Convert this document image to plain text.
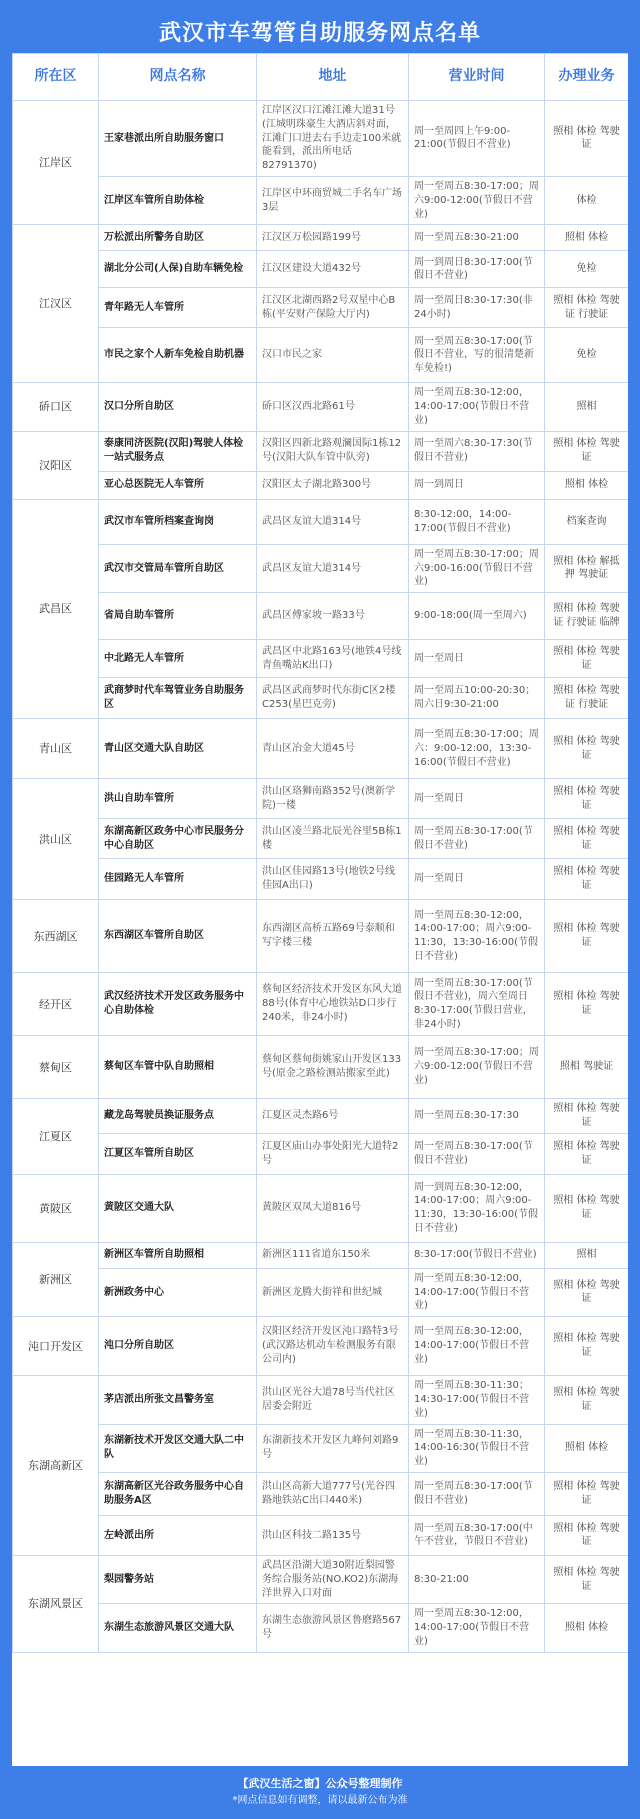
武汉市车驾管自助服务网点名单
所在区	网点名称	地址	营业时间	办理业务
江岸区	王家巷派出所自助服务窗口	江岸区汉口江滩江滩大道31号(江城明珠豪生大酒店斜对面，江滩门口进去右手边走100米就能看到，派出所电话82791370)	周一至周四上午9:00-21:00(节假日不营业)	照相 体检 驾驶证
	江岸区车管所自助体检	江岸区中环商贸城二手名车广场3层	周一至周五8:30-17:00；周六9:00-12:00(节假日不营业)	体检
江汉区	万松派出所警务自助区	江汉区万松园路199号	周一至周五8:30-21:00	照相 体检
	湖北分公司(人保)自助车辆免检	江汉区建设大道432号	周一到周日8:30-17:00(节假日不营业)	免检
	青年路无人车管所	江汉区北湖西路2号双星中心B栋(平安财产保险大厅内)	周一至周日8:30-17:30(非24小时)	照相 体检 驾驶证 行驶证
	市民之家个人新车免检自助机器	汉口市民之家	周一至周五8:30-17:00(节假日不营业，写的很清楚新车免检!)	免检
硚口区	汉口分所自助区	硚口区汉西北路61号	周一至周五8:30-12:00，14:00-17:00(节假日不营业)	照相
汉阳区	泰康同济医院(汉阳)驾驶人体检一站式服务点	汉阳区四新北路观澜国际1栋12号(汉阳大队车管中队旁)	周一至周六8:30-17:30(节假日不营业)	照相 体检 驾驶证
	亚心总医院无人车管所	汉阳区太子湖北路300号	周一到周日	照相 体检
武昌区	武汉市车管所档案查询岗	武昌区友谊大道314号	8:30-12:00，14:00-17:00(节假日不营业)	档案查询
	武汉市交管局车管所自助区	武昌区友谊大道314号	周一至周五8:30-17:00；周六9:00-16:00(节假日不营业)	照相 体检 解抵押 驾驶证
	省局自助车管所	武昌区傅家坡一路33号	9:00-18:00(周一至周六)	照相 体检 驾驶证 行驶证 临牌
	中北路无人车管所	武昌区中北路163号(地铁4号线青鱼嘴站K出口)	周一至周日	照相 体检 驾驶证
	武商梦时代车驾管业务自助服务区	武昌区武商梦时代东街C区2楼C253(星巴克旁)	周一至周五10:00-20:30；周六日9:30-21:00	照相 体检 驾驶证 行驶证
青山区	青山区交通大队自助区	青山区冶金大道45号	周一至周五8:30-17:00；周六：9:00-12:00，13:30-16:00(节假日不营业)	照相 体检 驾驶证
洪山区	洪山自助车管所	洪山区珞狮南路352号(澳新学院)一楼	周一至周日	照相 体检 驾驶证
	东湖高新区政务中心市民服务分中心自助区	洪山区凌兰路北辰光谷里5B栋1楼	周一至周五8:30-17:00(节假日不营业)	照相 体检 驾驶证
	佳园路无人车管所	洪山区佳园路13号(地铁2号线佳园A出口)	周一至周日	照相 体检 驾驶证
东西湖区	东西湖区车管所自助区	东西湖区高桥五路69号泰顺和写字楼三楼	周一至周五8:30-12:00，14:00-17:00；周六9:00-11:30，13:30-16:00(节假日不营业)	照相 体检 驾驶证
经开区	武汉经济技术开发区政务服务中心自助体检	蔡甸区经济技术开发区东风大道88号(体育中心地铁站D口步行240米，非24小时)	周一至周五8:30-17:00(节假日不营业)，周六至周日8:30-17:00(节假日营业，非24小时)	照相 体检 驾驶证
蔡甸区	蔡甸区车管中队自助照相	蔡甸区蔡甸街姚家山开发区133号(原金之路检测站搬家至此)	周一至周五8:30-17:00；周六9:00-12:00(节假日不营业)	照相 驾驶证
江夏区	藏龙岛驾驶员换证服务点	江夏区灵杰路6号	周一至周五8:30-17:30	照相 体检 驾驶证
	江夏区车管所自助区	江夏区庙山办事处阳光大道特2号	周一至周五8:30-17:00(节假日不营业)	照相 体检 驾驶证
黄陂区	黄陂区交通大队	黄陂区双凤大道816号	周一到周五8:30-12:00，14:00-17:00；周六9:00-11:30，13:30-16:00(节假日不营业)	照相 体检 驾驶证
新洲区	新洲区车管所自助照相	新洲区111省道东150米	8:30-17:00(节假日不营业)	照相
	新洲政务中心	新洲区龙腾大街祥和世纪城	周一至周五8:30-12:00，14:00-17:00(节假日不营业)	照相 体检 驾驶证
沌口开发区	沌口分所自助区	汉阳区经济开发区沌口路特3号(武汉路达机动车检测服务有限公司内)	周一至周五8:30-12:00，14:00-17:00(节假日不营业)	照相 体检 驾驶证
东湖高新区	茅店派出所张文昌警务室	洪山区光谷大道78号当代社区居委会附近	周一至周五8:30-11:30；14:30-17:00(节假日不营业)	照相 体检 驾驶证
	东湖新技术开发区交通大队二中队	东湖新技术开发区九峰何刘路9号	周一至周五8:30-11:30，14:00-16:30(节假日不营业)	照相 体检
	东湖高新区光谷政务服务中心自助服务A区	洪山区高新大道777号(光谷四路地铁站C出口440米)	周一至周五8:30-17:00(节假日不营业)	照相 体检 驾驶证
	左岭派出所	洪山区科技二路135号	周一至周五8:30-17:00(中午不营业，节假日不营业)	照相 体检 驾驶证
东湖风景区	梨园警务站	武昌区沿湖大道30附近梨园警务综合服务站(NO.KO2)东湖海洋世界入口对面	8:30-21:00	照相 体检 驾驶证
	东湖生态旅游风景区交通大队	东湖生态旅游风景区鲁磨路567号	周一至周五8:30-12:00，14:00-17:00(节假日不营业)	照相 体检
【武汉生活之窗】公众号整理制作
*网点信息如有调整，请以最新公布为准
